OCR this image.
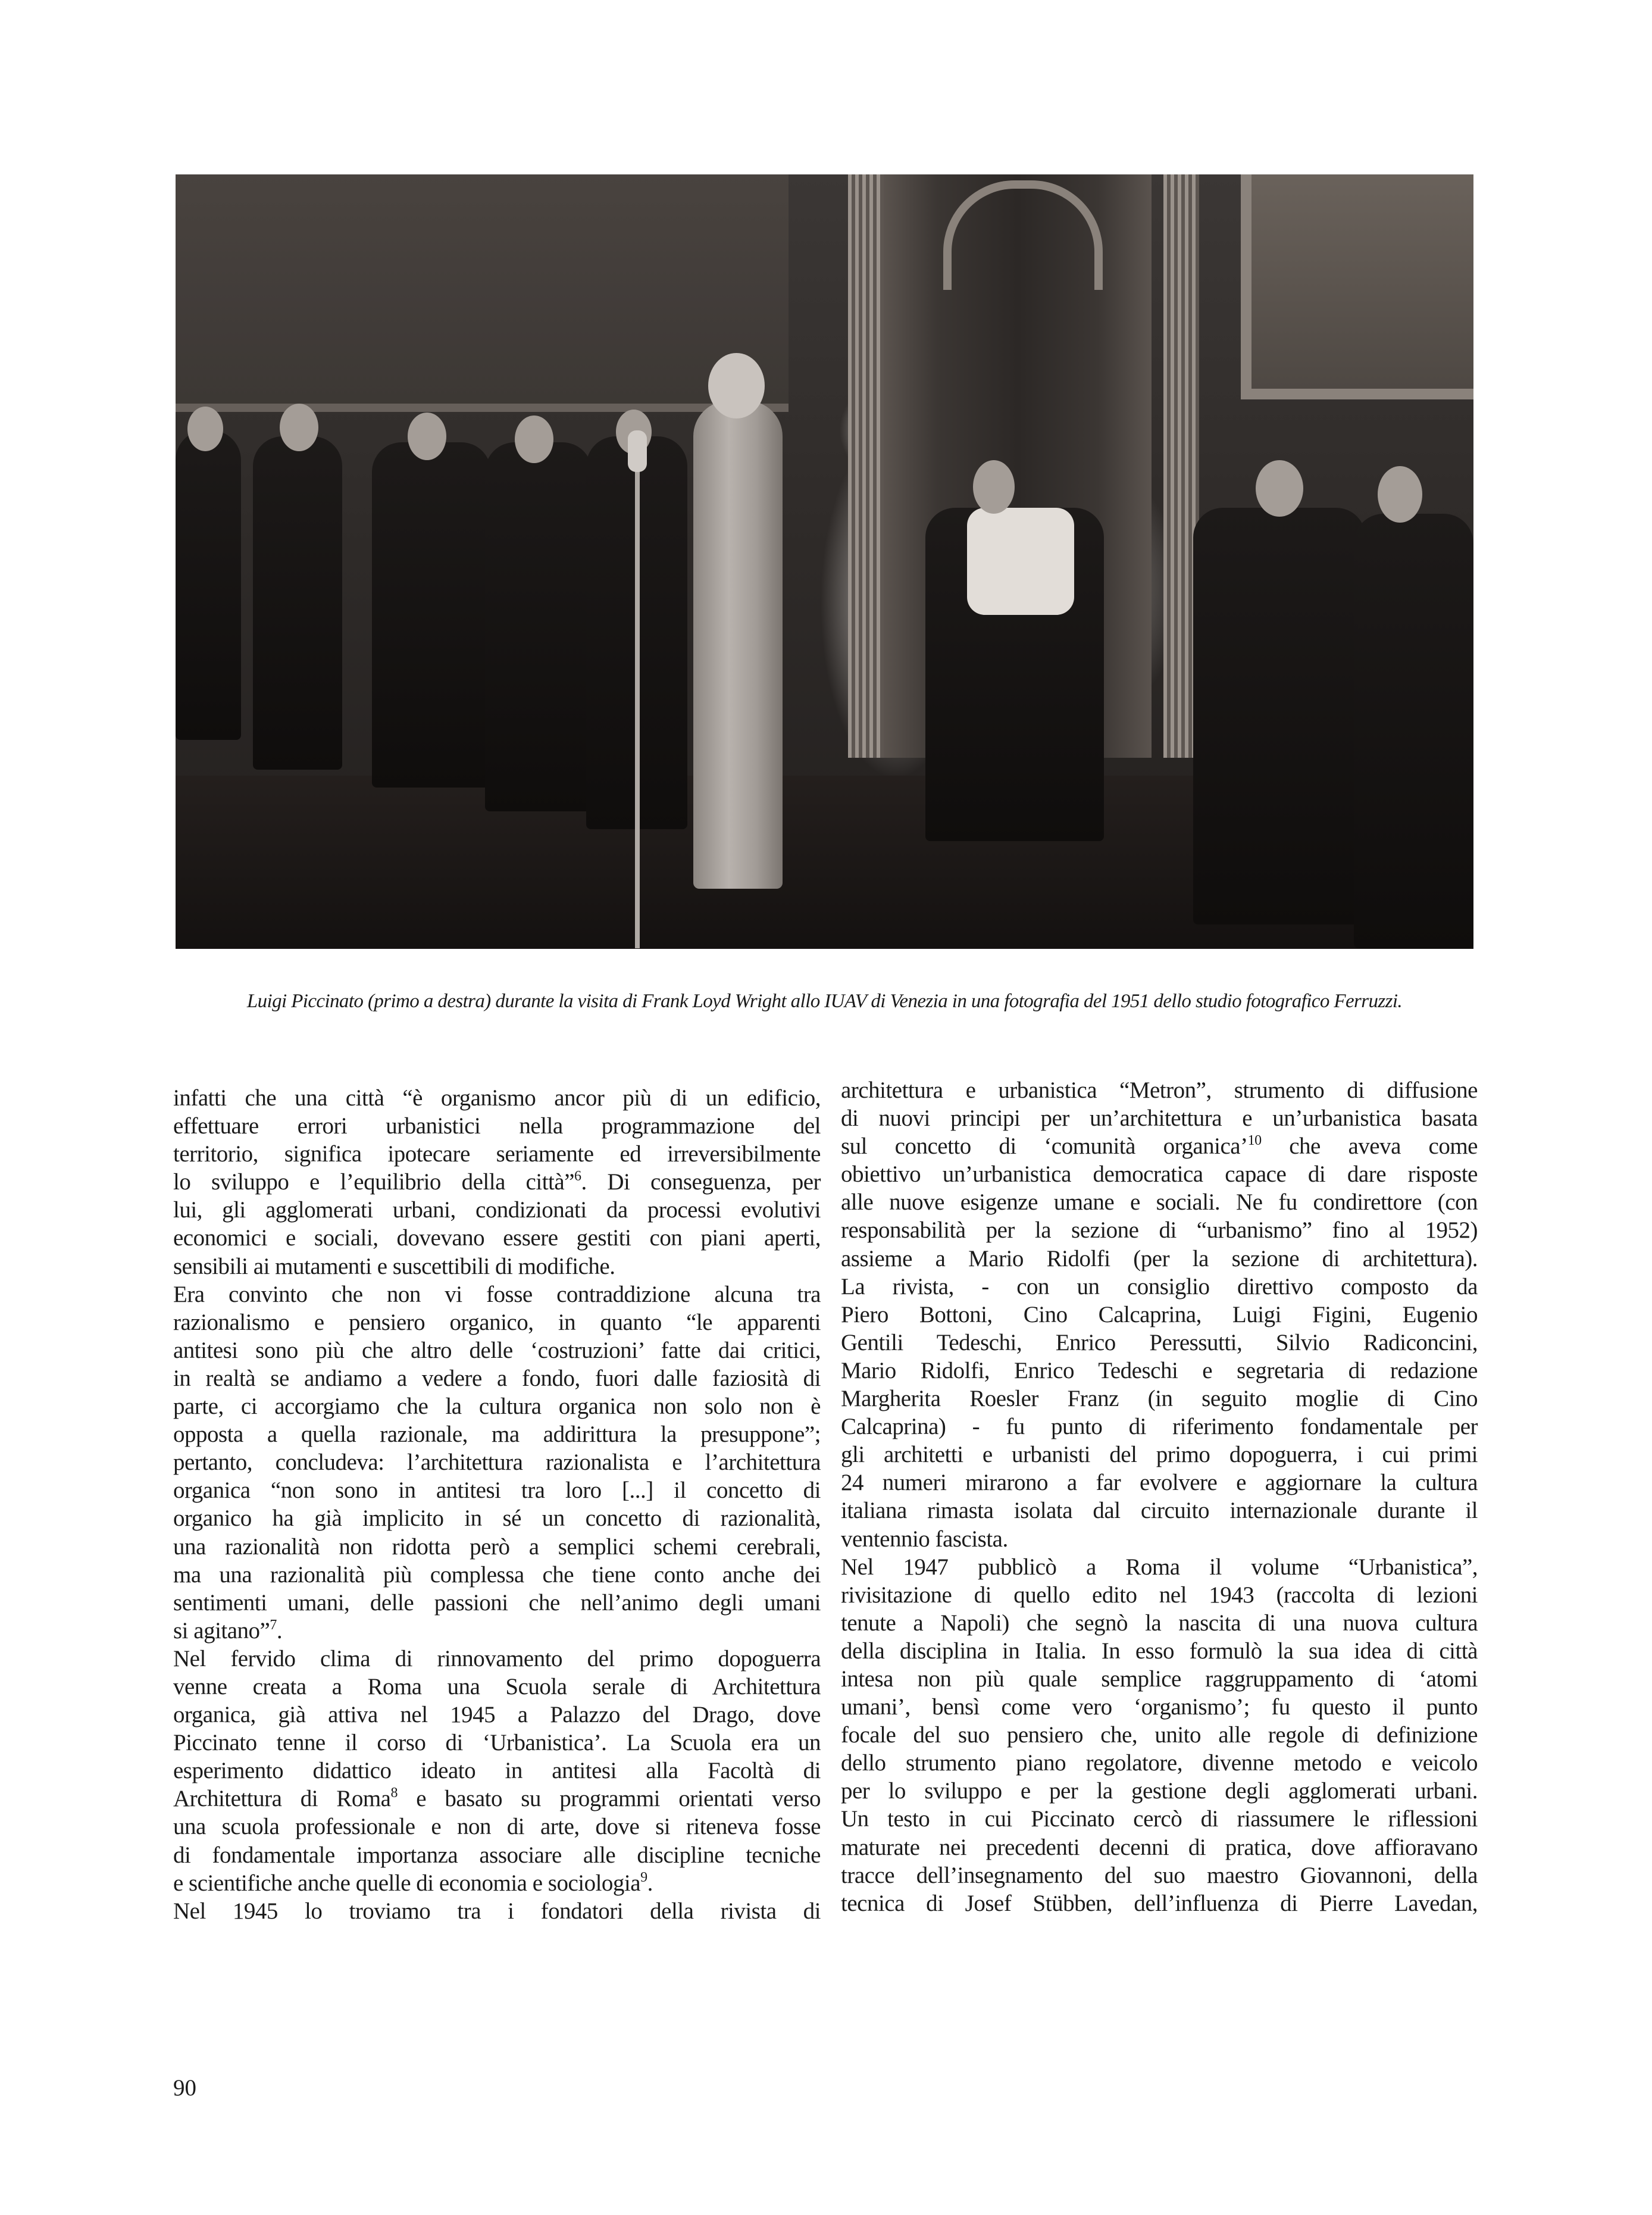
Luigi Piccinato (primo a destra) durante la visita di Frank Loyd Wright allo IUAV di Venezia in una fotografia del 1951 dello studio fotografico Ferruzzi.
infatti che una città “è organismo ancor più di un edificio,
effettuare errori urbanistici nella programmazione del
territorio, significa ipotecare seriamente ed irreversibilmente
lo sviluppo e l’equilibrio della città”$^6$. Di conseguenza, per
lui, gli agglomerati urbani, condizionati da processi evolutivi
economici e sociali, dovevano essere gestiti con piani aperti,
sensibili ai mutamenti e suscettibili di modifiche.
Era convinto che non vi fosse contraddizione alcuna tra
razionalismo e pensiero organico, in quanto “le apparenti
antitesi sono più che altro delle ‘costruzioni’ fatte dai critici,
in realtà se andiamo a vedere a fondo, fuori dalle faziosità di
parte, ci accorgiamo che la cultura organica non solo non è
opposta a quella razionale, ma addirittura la presuppone”;
pertanto, concludeva: l’architettura razionalista e l’architettura
organica “non sono in antitesi tra loro [...] il concetto di
organico ha già implicito in sé un concetto di razionalità,
una razionalità non ridotta però a semplici schemi cerebrali,
ma una razionalità più complessa che tiene conto anche dei
sentimenti umani, delle passioni che nell’animo degli umani
si agitano”$^7$.
Nel fervido clima di rinnovamento del primo dopoguerra
venne creata a Roma una Scuola serale di Architettura
organica, già attiva nel 1945 a Palazzo del Drago, dove
Piccinato tenne il corso di ‘Urbanistica’. La Scuola era un
esperimento didattico ideato in antitesi alla Facoltà di
Architettura di Roma$^8$ e basato su programmi orientati verso
una scuola professionale e non di arte, dove si riteneva fosse
di fondamentale importanza associare alle discipline tecniche
e scientifiche anche quelle di economia e sociologia$^9$.
Nel 1945 lo troviamo tra i fondatori della rivista di
architettura e urbanistica “Metron”, strumento di diffusione
di nuovi principi per un’architettura e un’urbanistica basata
sul concetto di ‘comunità organica’$^{10}$ che aveva come
obiettivo un’urbanistica democratica capace di dare risposte
alle nuove esigenze umane e sociali. Ne fu condirettore (con
responsabilità per la sezione di “urbanismo” fino al 1952)
assieme a Mario Ridolfi (per la sezione di architettura).
La rivista, - con un consiglio direttivo composto da
Piero Bottoni, Cino Calcaprina, Luigi Figini, Eugenio
Gentili Tedeschi, Enrico Peressutti, Silvio Radiconcini,
Mario Ridolfi, Enrico Tedeschi e segretaria di redazione
Margherita Roesler Franz (in seguito moglie di Cino
Calcaprina) - fu punto di riferimento fondamentale per
gli architetti e urbanisti del primo dopoguerra, i cui primi
24 numeri mirarono a far evolvere e aggiornare la cultura
italiana rimasta isolata dal circuito internazionale durante il
ventennio fascista.
Nel 1947 pubblicò a Roma il volume “Urbanistica”,
rivisitazione di quello edito nel 1943 (raccolta di lezioni
tenute a Napoli) che segnò la nascita di una nuova cultura
della disciplina in Italia. In esso formulò la sua idea di città
intesa non più quale semplice raggruppamento di ‘atomi
umani’, bensì come vero ‘organismo’; fu questo il punto
focale del suo pensiero che, unito alle regole di definizione
dello strumento piano regolatore, divenne metodo e veicolo
per lo sviluppo e per la gestione degli agglomerati urbani.
Un testo in cui Piccinato cercò di riassumere le riflessioni
maturate nei precedenti decenni di pratica, dove affioravano
tracce dell’insegnamento del suo maestro Giovannoni, della
tecnica di Josef Stübben, dell’influenza di Pierre Lavedan,
90
